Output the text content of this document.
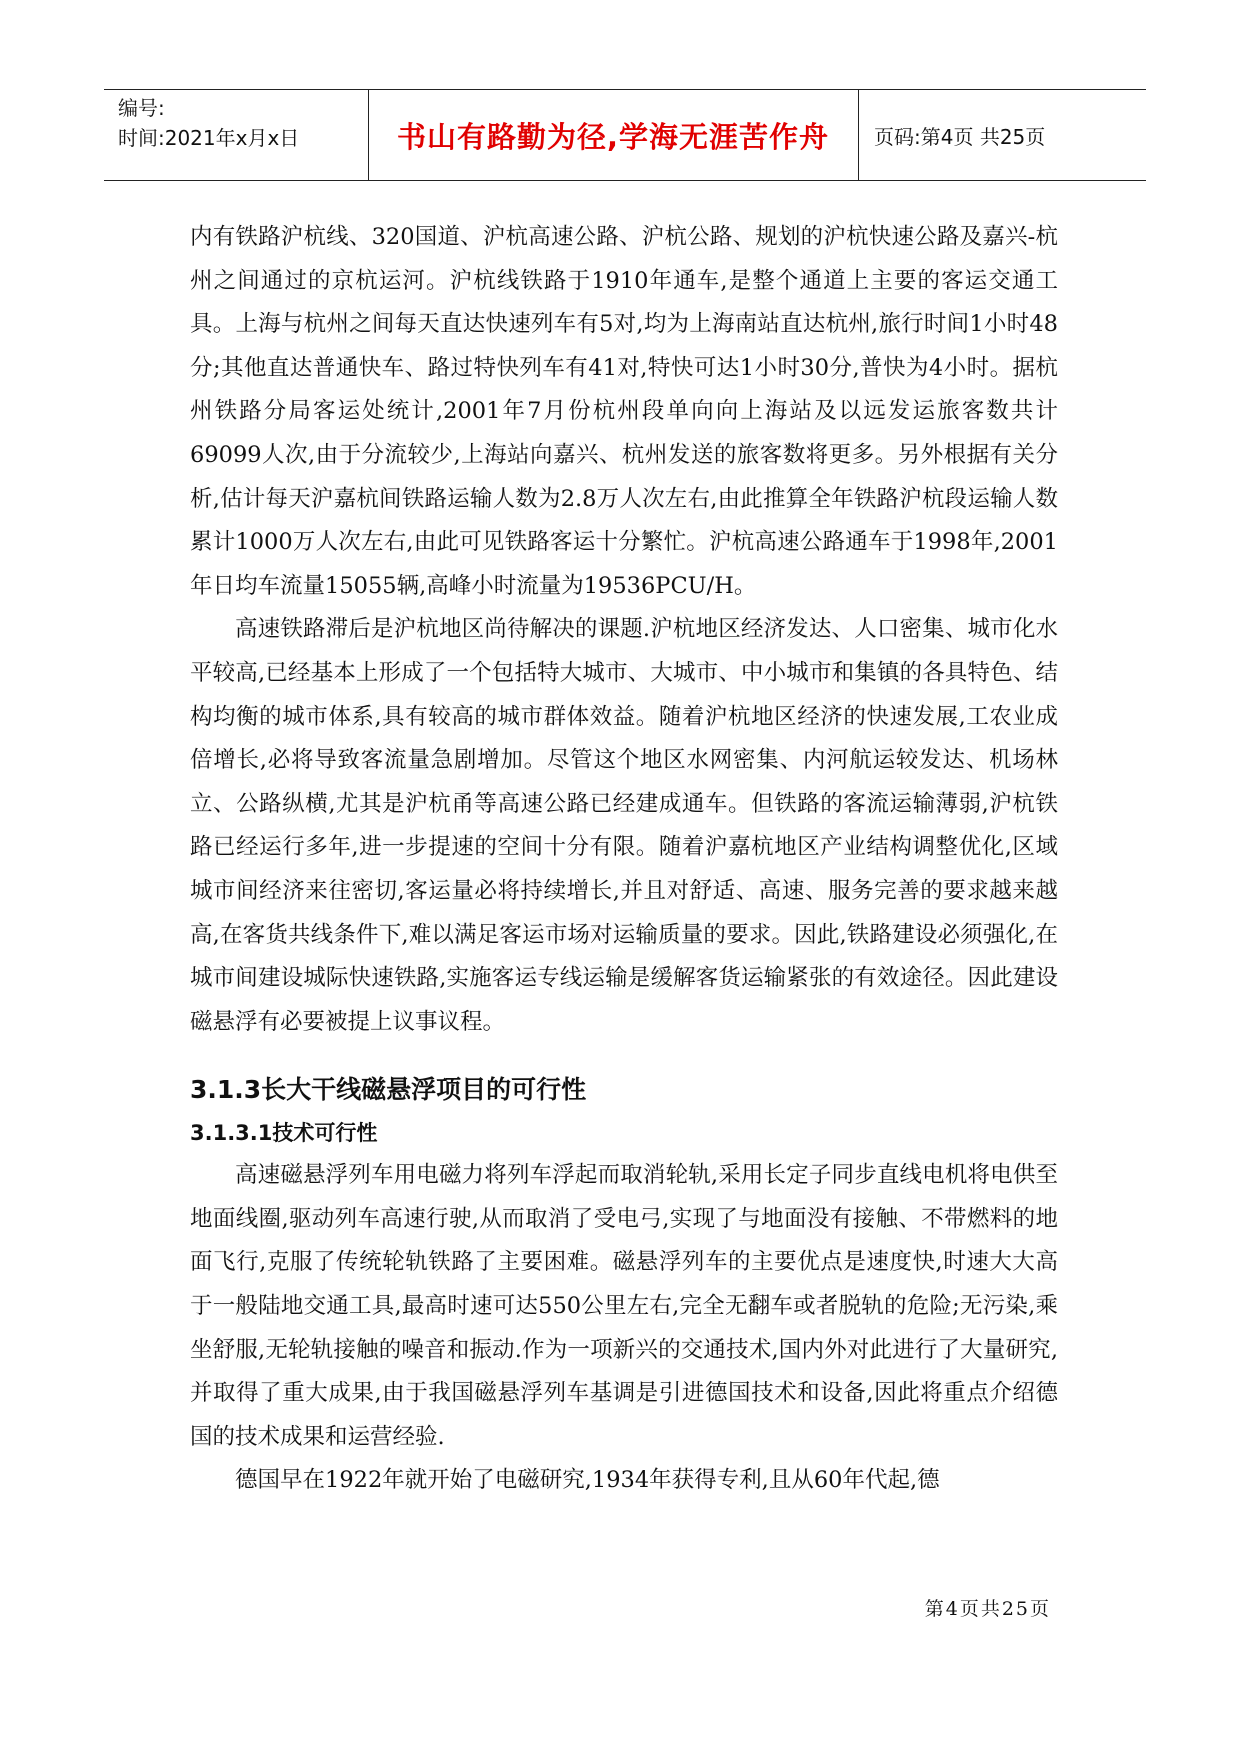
编号:
时间:2021年x月x日	书山有路勤为径,学海无涯苦作舟	页码:第4页 共25页

内有铁路沪杭线、320国道、沪杭高速公路、沪杭公路、规划的沪杭快速公路及嘉兴-杭州之间通过的京杭运河。沪杭线铁路于1910年通车,是整个通道上主要的客运交通工具。上海与杭州之间每天直达快速列车有5对,均为上海南站直达杭州,旅行时间1小时48分;其他直达普通快车、路过特快列车有41对,特快可达1小时30分,普快为4小时。据杭州铁路分局客运处统计,2001年7月份杭州段单向向上海站及以远发运旅客数共计69099人次,由于分流较少,上海站向嘉兴、杭州发送的旅客数将更多。另外根据有关分析,估计每天沪嘉杭间铁路运输人数为2.8万人次左右,由此推算全年铁路沪杭段运输人数累计1000万人次左右,由此可见铁路客运十分繁忙。沪杭高速公路通车于1998年,2001年日均车流量15055辆,高峰小时流量为19536PCU/H。

高速铁路滞后是沪杭地区尚待解决的课题.沪杭地区经济发达、人口密集、城市化水平较高,已经基本上形成了一个包括特大城市、大城市、中小城市和集镇的各具特色、结构均衡的城市体系,具有较高的城市群体效益。随着沪杭地区经济的快速发展,工农业成倍增长,必将导致客流量急剧增加。尽管这个地区水网密集、内河航运较发达、机场林立、公路纵横,尤其是沪杭甬等高速公路已经建成通车。但铁路的客流运输薄弱,沪杭铁路已经运行多年,进一步提速的空间十分有限。随着沪嘉杭地区产业结构调整优化,区域城市间经济来往密切,客运量必将持续增长,并且对舒适、高速、服务完善的要求越来越高,在客货共线条件下,难以满足客运市场对运输质量的要求。因此,铁路建设必须强化,在城市间建设城际快速铁路,实施客运专线运输是缓解客货运输紧张的有效途径。因此建设磁悬浮有必要被提上议事议程。

3.1.3长大干线磁悬浮项目的可行性
3.1.3.1技术可行性

高速磁悬浮列车用电磁力将列车浮起而取消轮轨,采用长定子同步直线电机将电供至地面线圈,驱动列车高速行驶,从而取消了受电弓,实现了与地面没有接触、不带燃料的地面飞行,克服了传统轮轨铁路了主要困难。磁悬浮列车的主要优点是速度快,时速大大高于一般陆地交通工具,最高时速可达550公里左右,完全无翻车或者脱轨的危险;无污染,乘坐舒服,无轮轨接触的噪音和振动.作为一项新兴的交通技术,国内外对此进行了大量研究,并取得了重大成果,由于我国磁悬浮列车基调是引进德国技术和设备,因此将重点介绍德国的技术成果和运营经验.

德国早在1922年就开始了电磁研究,1934年获得专利,且从60年代起,德

第4页共25页
